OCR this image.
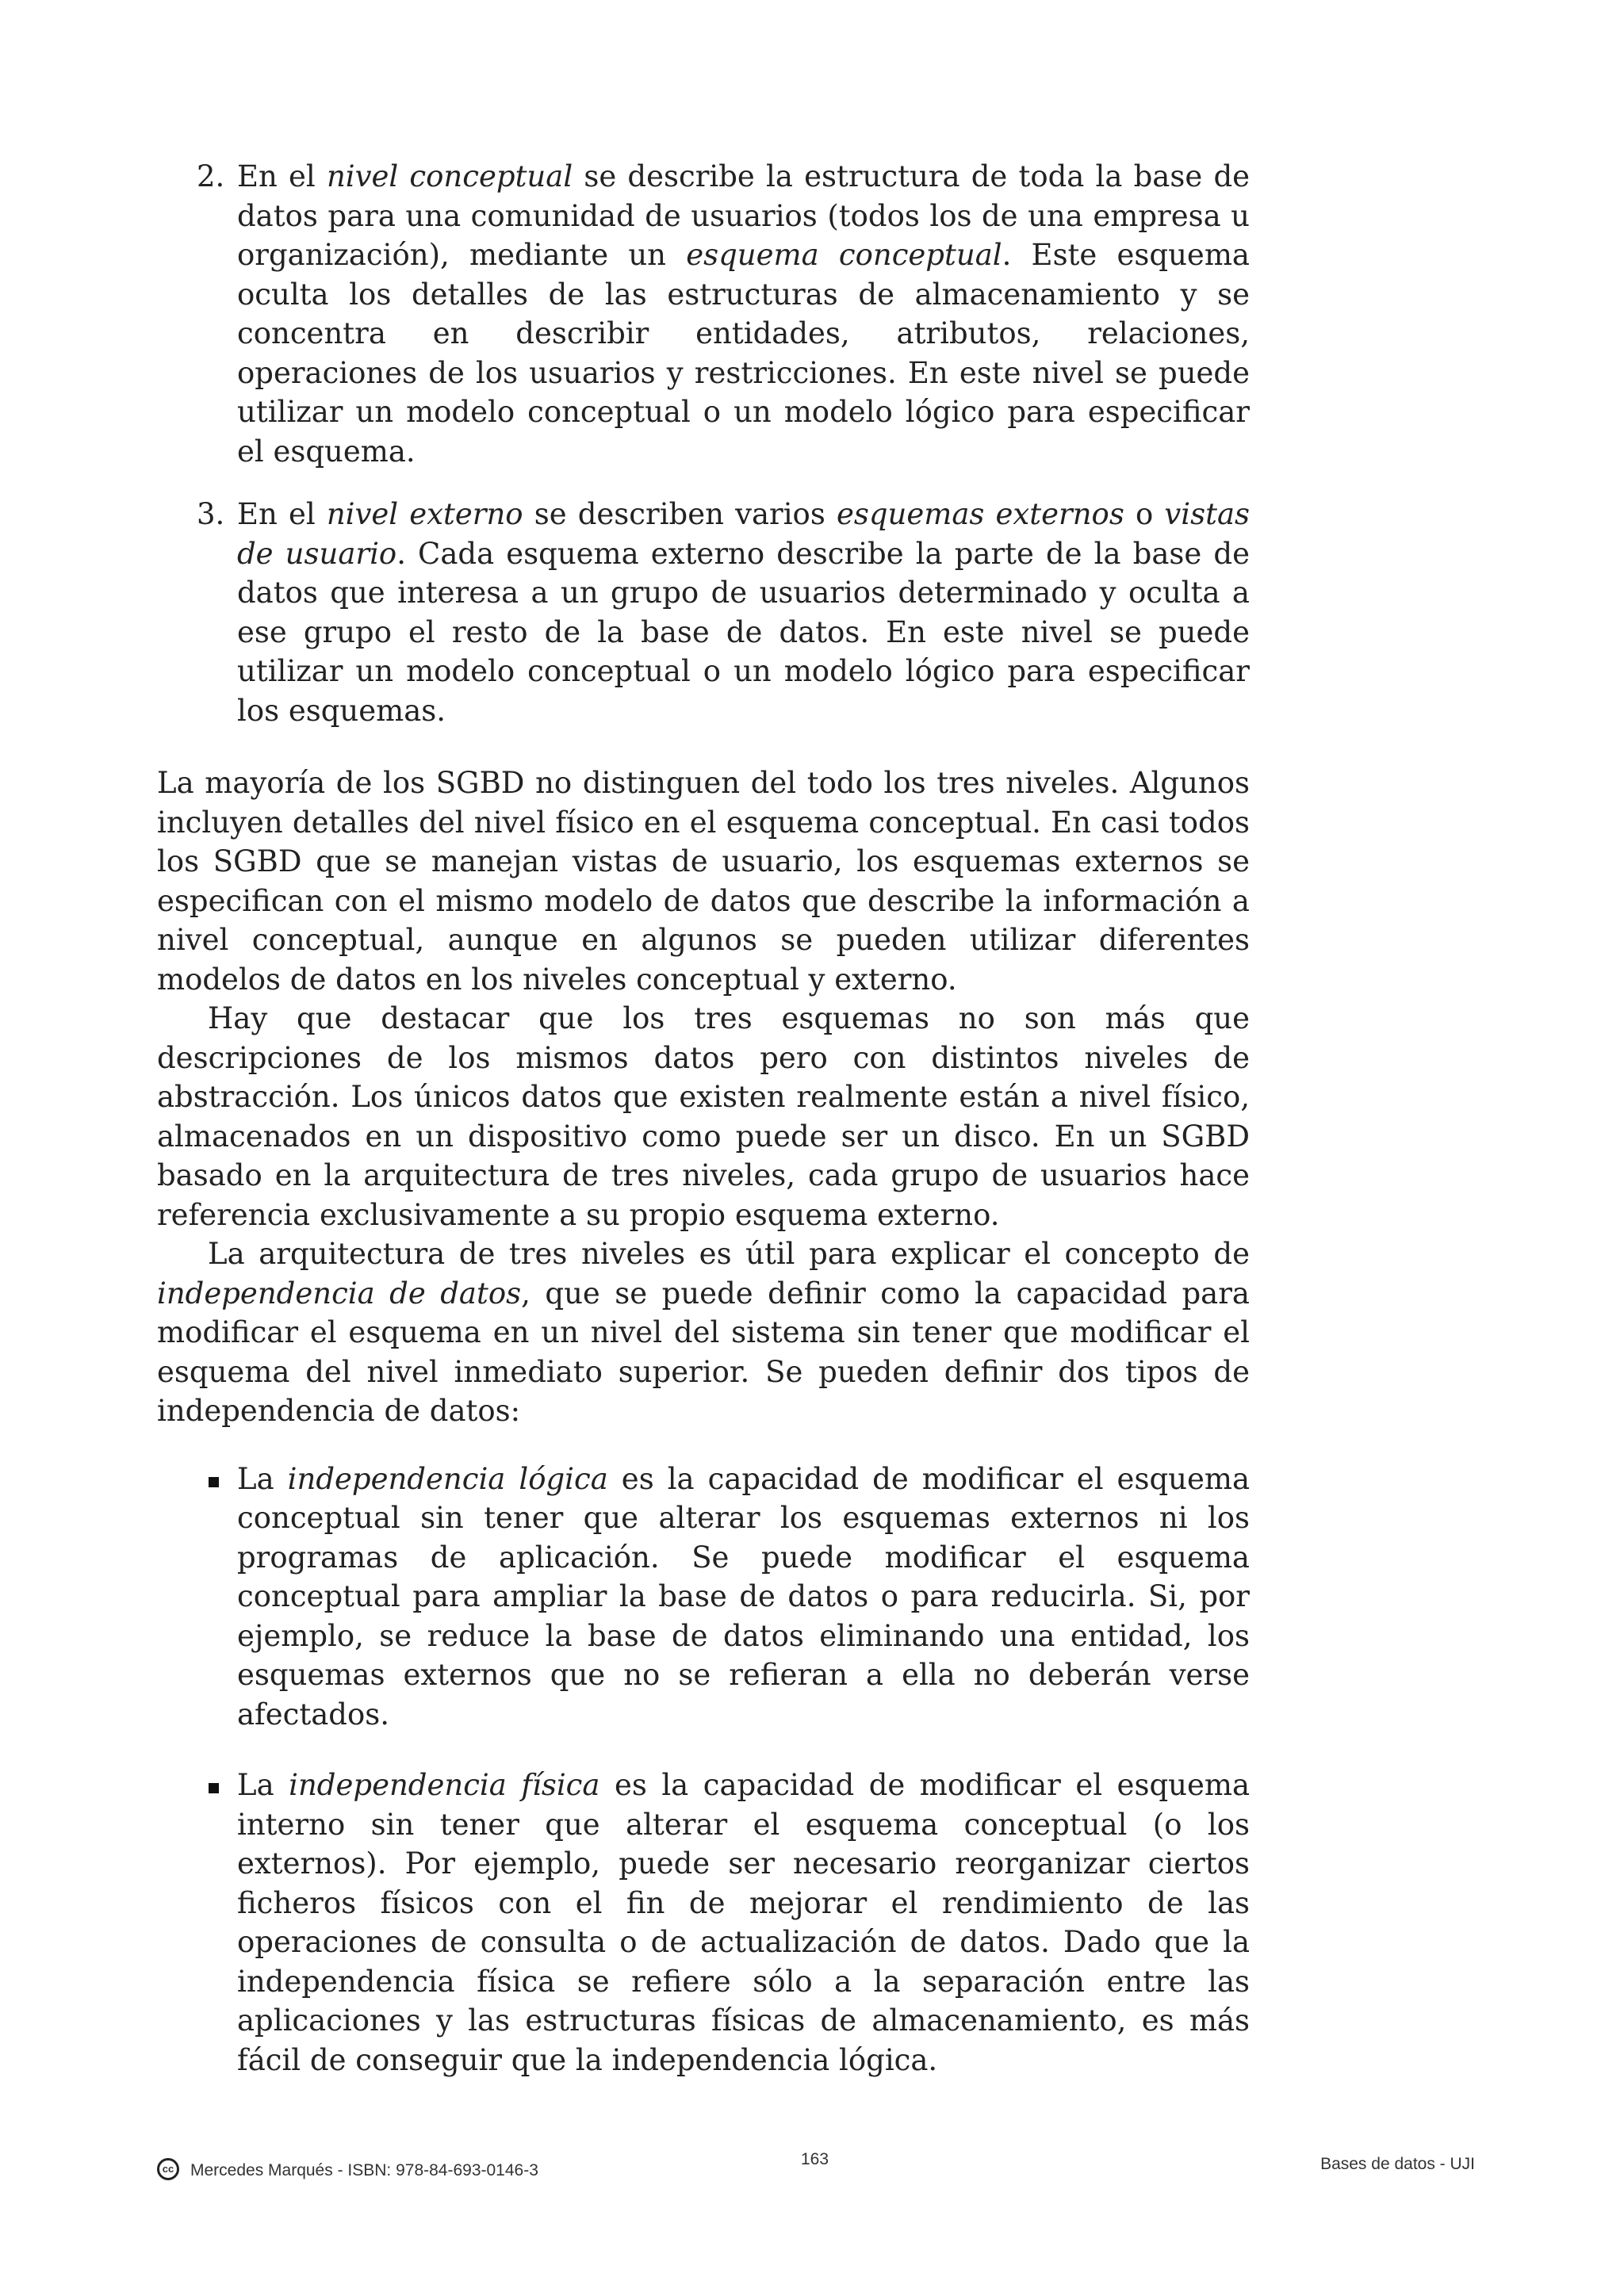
2. En el nivel conceptual se describe la estructura de toda la base de datos para una comunidad de usuarios (todos los de una empresa u organización), mediante un esquema conceptual. Este esquema oculta los detalles de las estructuras de almacenamiento y se concentra en describir entidades, atributos, relaciones, operaciones de los usuarios y restricciones. En este nivel se puede utilizar un modelo conceptual o un modelo lógico para especificar el esquema.
3. En el nivel externo se describen varios esquemas externos o vistas de usuario. Cada esquema externo describe la parte de la base de datos que interesa a un grupo de usuarios determinado y oculta a ese grupo el resto de la base de datos. En este nivel se puede utilizar un modelo conceptual o un modelo lógico para especificar los esquemas.

La mayoría de los SGBD no distinguen del todo los tres niveles. Algunos incluyen detalles del nivel físico en el esquema conceptual. En casi todos los SGBD que se manejan vistas de usuario, los esquemas externos se especifican con el mismo modelo de datos que describe la información a nivel conceptual, aunque en algunos se pueden utilizar diferentes modelos de datos en los niveles conceptual y externo.

Hay que destacar que los tres esquemas no son más que descripciones de los mismos datos pero con distintos niveles de abstracción. Los únicos datos que existen realmente están a nivel físico, almacenados en un dispositivo como puede ser un disco. En un SGBD basado en la arquitectura de tres niveles, cada grupo de usuarios hace referencia exclusivamente a su propio esquema externo.

La arquitectura de tres niveles es útil para explicar el concepto de independencia de datos, que se puede definir como la capacidad para modificar el esquema en un nivel del sistema sin tener que modificar el esquema del nivel inmediato superior. Se pueden definir dos tipos de independencia de datos:

La independencia lógica es la capacidad de modificar el esquema conceptual sin tener que alterar los esquemas externos ni los programas de aplicación. Se puede modificar el esquema conceptual para ampliar la base de datos o para reducirla. Si, por ejemplo, se reduce la base de datos eliminando una entidad, los esquemas externos que no se refieran a ella no deberán verse afectados.
La independencia física es la capacidad de modificar el esquema interno sin tener que alterar el esquema conceptual (o los externos). Por ejemplo, puede ser necesario reorganizar ciertos ficheros físicos con el fin de mejorar el rendimiento de las operaciones de consulta o de actualización de datos. Dado que la independencia física se refiere sólo a la separación entre las aplicaciones y las estructuras físicas de almacenamiento, es más fácil de conseguir que la independencia lógica.
cc Mercedes Marqués - ISBN: 978-84-693-0146-3
163	Bases de datos - UJI
